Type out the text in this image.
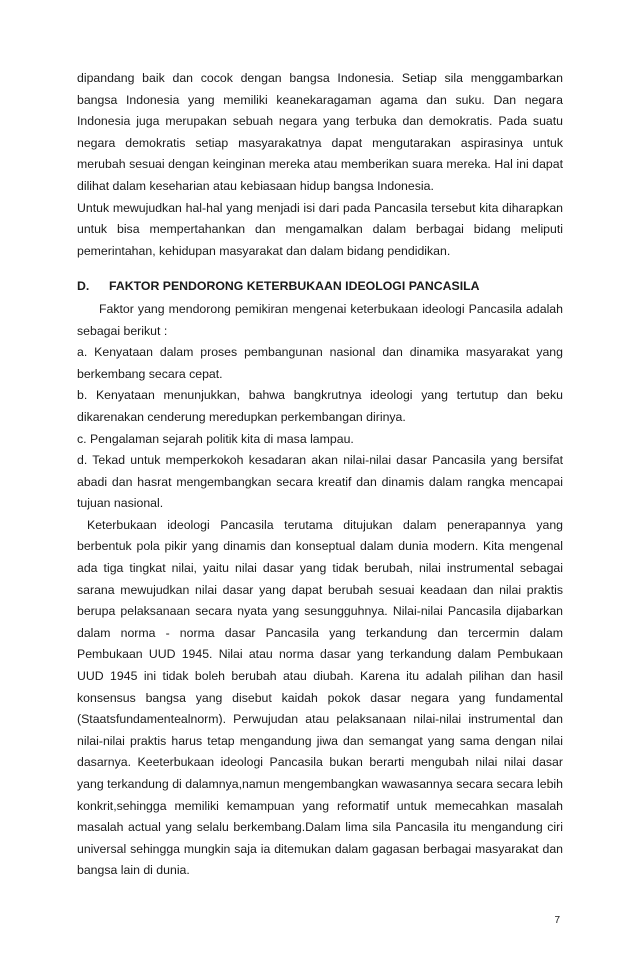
dipandang baik dan cocok dengan bangsa Indonesia. Setiap sila menggambarkan bangsa Indonesia yang memiliki keanekaragaman agama dan suku. Dan negara Indonesia juga merupakan sebuah negara yang terbuka dan demokratis. Pada suatu negara demokratis setiap masyarakatnya dapat mengutarakan aspirasinya untuk merubah sesuai dengan keinginan mereka atau memberikan suara mereka. Hal ini dapat dilihat dalam keseharian atau kebiasaan hidup bangsa Indonesia.

Untuk mewujudkan hal-hal yang menjadi isi dari pada Pancasila tersebut kita diharapkan untuk bisa mempertahankan dan mengamalkan dalam berbagai bidang meliputi pemerintahan, kehidupan masyarakat dan dalam bidang pendidikan.

D.	FAKTOR PENDORONG KETERBUKAAN IDEOLOGI PANCASILA

Faktor yang mendorong pemikiran mengenai keterbukaan ideologi Pancasila adalah sebagai berikut :

a. Kenyataan dalam proses pembangunan nasional dan dinamika masyarakat yang berkembang secara cepat.

b. Kenyataan menunjukkan, bahwa bangkrutnya ideologi yang tertutup dan beku dikarenakan cenderung meredupkan perkembangan dirinya.

c. Pengalaman sejarah politik kita di masa lampau.

d. Tekad untuk memperkokoh kesadaran akan nilai-nilai dasar Pancasila yang bersifat abadi dan hasrat mengembangkan secara kreatif dan dinamis dalam rangka mencapai tujuan nasional.

Keterbukaan ideologi Pancasila terutama ditujukan dalam penerapannya yang berbentuk pola pikir yang dinamis dan konseptual dalam dunia modern. Kita mengenal ada tiga tingkat nilai, yaitu nilai dasar yang tidak berubah, nilai instrumental sebagai sarana mewujudkan nilai dasar yang dapat berubah sesuai keadaan dan nilai praktis berupa pelaksanaan secara nyata yang sesungguhnya. Nilai-nilai Pancasila dijabarkan dalam norma - norma dasar Pancasila yang terkandung dan tercermin dalam Pembukaan UUD 1945. Nilai atau norma dasar yang terkandung dalam Pembukaan UUD 1945 ini tidak boleh berubah atau diubah. Karena itu adalah pilihan dan hasil konsensus bangsa yang disebut kaidah pokok dasar negara yang fundamental (Staatsfundamentealnorm). Perwujudan atau pelaksanaan nilai-nilai instrumental dan nilai-nilai praktis harus tetap mengandung jiwa dan semangat yang sama dengan nilai dasarnya. Keeterbukaan ideologi Pancasila bukan berarti mengubah nilai nilai dasar yang terkandung di dalamnya,namun mengembangkan wawasannya secara secara lebih konkrit,sehingga memiliki kemampuan yang reformatif untuk memecahkan masalah masalah actual yang selalu berkembang.Dalam lima sila Pancasila itu mengandung ciri universal sehingga mungkin saja ia ditemukan dalam gagasan berbagai masyarakat dan bangsa lain di dunia.

7
